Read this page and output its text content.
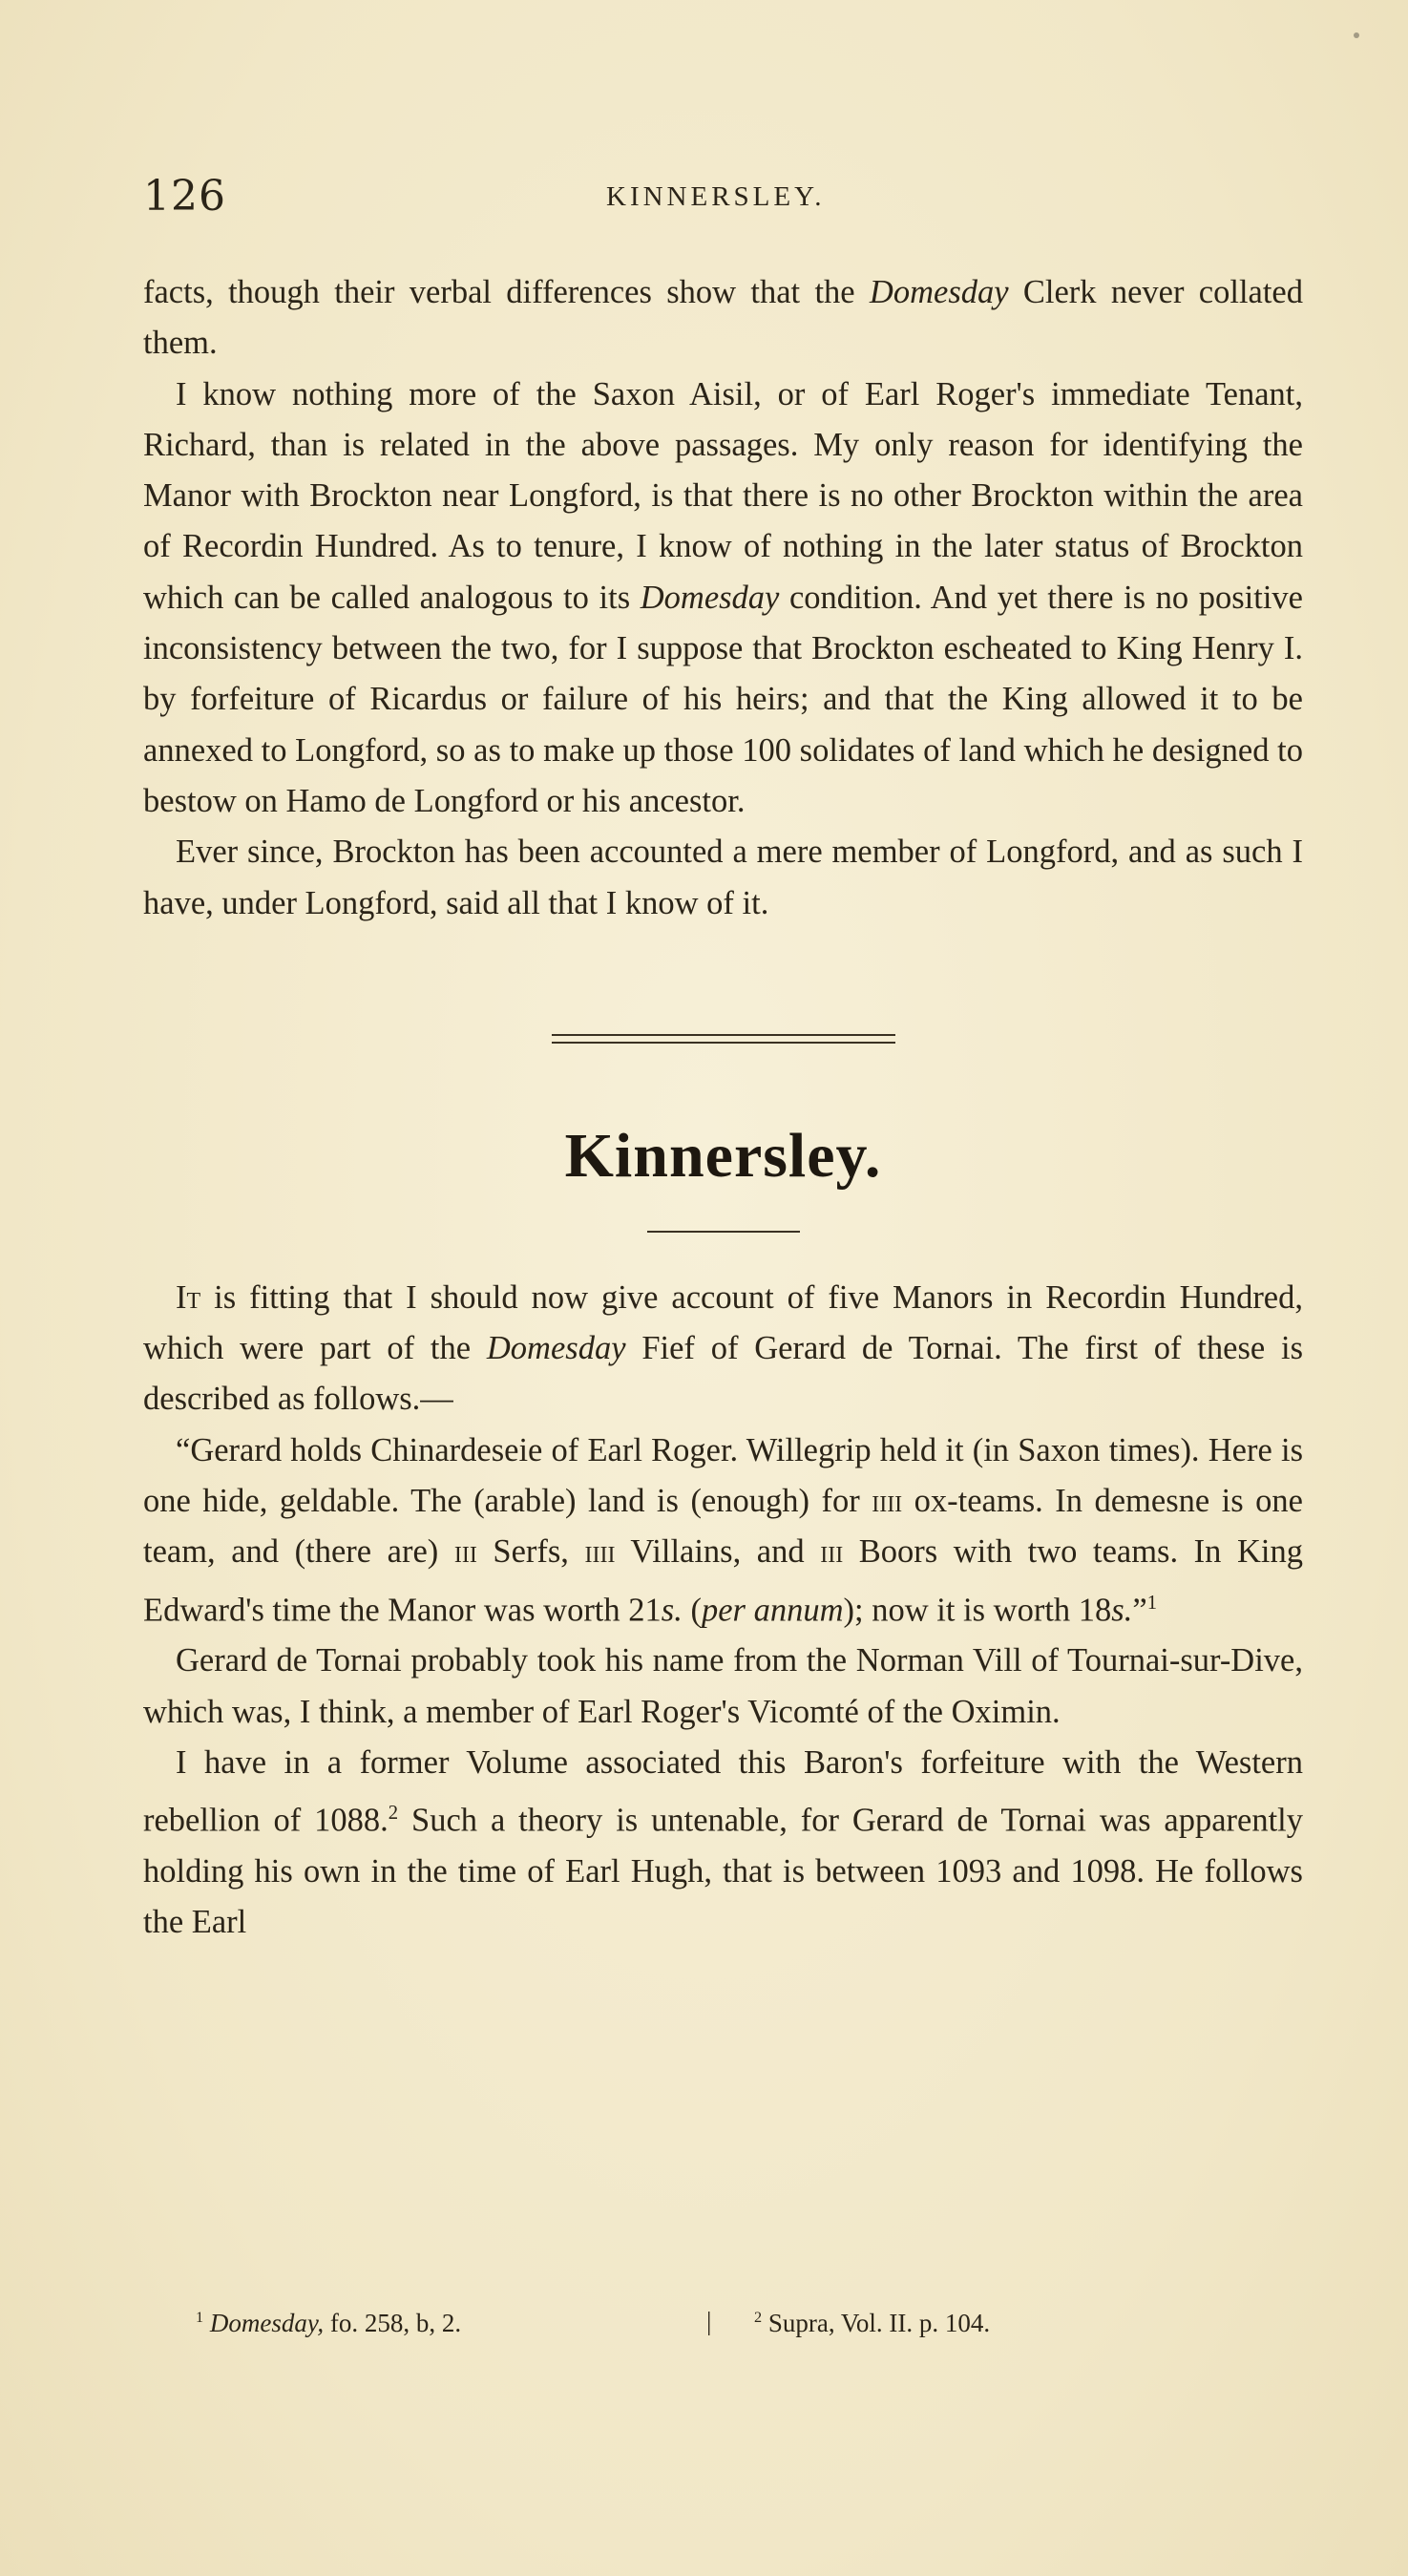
126	KINNERSLEY.

facts, though their verbal differences show that the Domesday Clerk never collated them.

I know nothing more of the Saxon Aisil, or of Earl Roger's immediate Tenant, Richard, than is related in the above passages. My only reason for identifying the Manor with Brockton near Longford, is that there is no other Brockton within the area of Recordin Hundred. As to tenure, I know of nothing in the later status of Brockton which can be called analogous to its Domesday condition. And yet there is no positive inconsistency between the two, for I suppose that Brockton escheated to King Henry I. by forfeiture of Ricardus or failure of his heirs; and that the King allowed it to be annexed to Longford, so as to make up those 100 solidates of land which he designed to bestow on Hamo de Longford or his ancestor.

Ever since, Brockton has been accounted a mere member of Longford, and as such I have, under Longford, said all that I know of it.

Kinnersley.

It is fitting that I should now give account of five Manors in Recordin Hundred, which were part of the Domesday Fief of Gerard de Tornai. The first of these is described as follows.—

“Gerard holds Chinardeseie of Earl Roger. Willegrip held it (in Saxon times). Here is one hide, geldable. The (arable) land is (enough) for iiii ox-teams. In demesne is one team, and (there are) iii Serfs, iiii Villains, and iii Boors with two teams. In King Edward's time the Manor was worth 21s. (per annum); now it is worth 18s.”$^1$

Gerard de Tornai probably took his name from the Norman Vill of Tournai-sur-Dive, which was, I think, a member of Earl Roger's Vicomté of the Oximin.

I have in a former Volume associated this Baron's forfeiture with the Western rebellion of 1088.$^2$ Such a theory is untenable, for Gerard de Tornai was apparently holding his own in the time of Earl Hugh, that is between 1093 and 1098. He follows the Earl

$^1$ Domesday, fo. 258, b, 2.	|	$^2$ Supra, Vol. II. p. 104.
